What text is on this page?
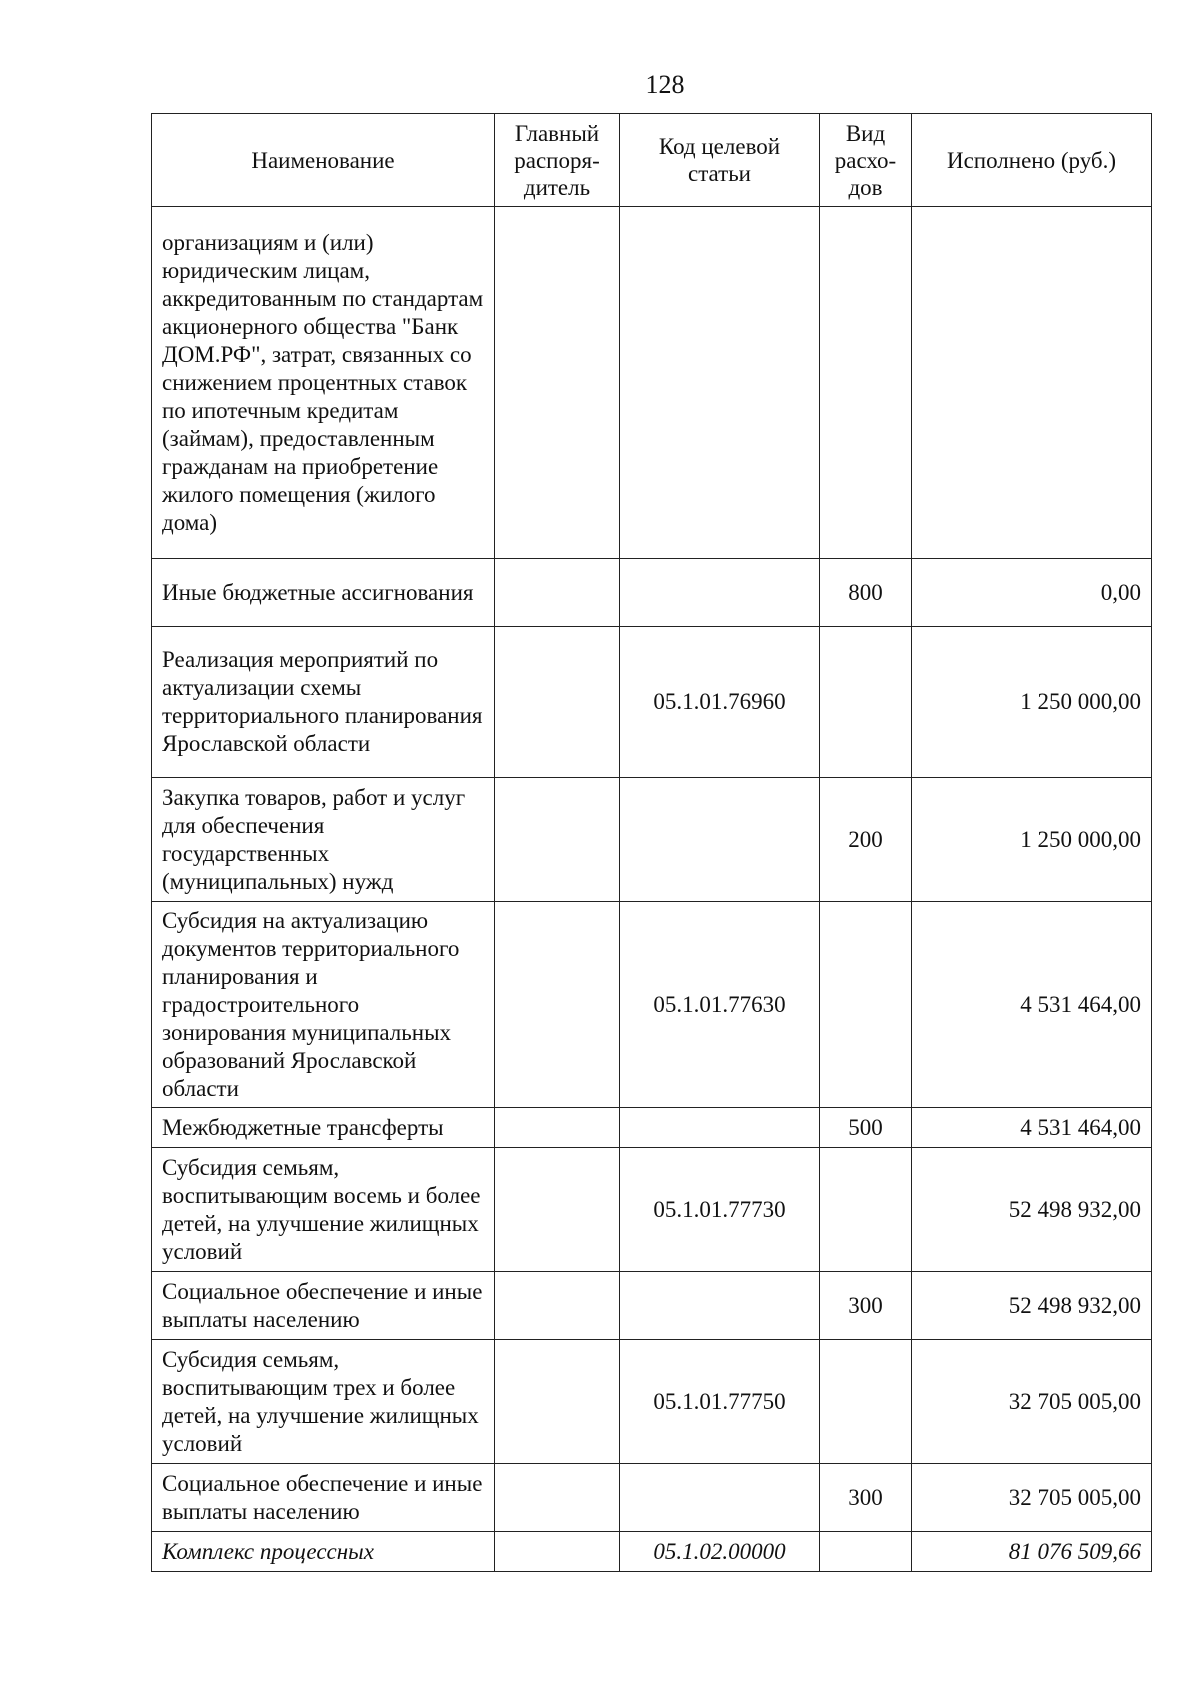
128
Наименование	Главный распоря-дитель	Код целевой статьи	Вид расхо-дов	Исполнено (руб.)
организациям и (или) юридическим лицам, аккредитованным по стандартам акционерного общества "Банк ДОМ.РФ", затрат, связанных со снижением процентных ставок по ипотечным кредитам (займам), предоставленным гражданам на приобретение жилого помещения (жилого дома)				
Иные бюджетные ассигнования			800	0,00
Реализация мероприятий по актуализации схемы территориального планирования Ярославской области		05.1.01.76960		1 250 000,00
Закупка товаров, работ и услуг для обеспечения государственных (муниципальных) нужд			200	1 250 000,00
Субсидия на актуализацию документов территориального планирования и градостроительного зонирования муниципальных образований Ярославской области		05.1.01.77630		4 531 464,00
Межбюджетные трансферты			500	4 531 464,00
Субсидия семьям, воспитывающим восемь и более детей, на улучшение жилищных условий		05.1.01.77730		52 498 932,00
Социальное обеспечение и иные выплаты населению			300	52 498 932,00
Субсидия семьям, воспитывающим трех и более детей, на улучшение жилищных условий		05.1.01.77750		32 705 005,00
Социальное обеспечение и иные выплаты населению			300	32 705 005,00
Комплекс процессных		05.1.02.00000		81 076 509,66
